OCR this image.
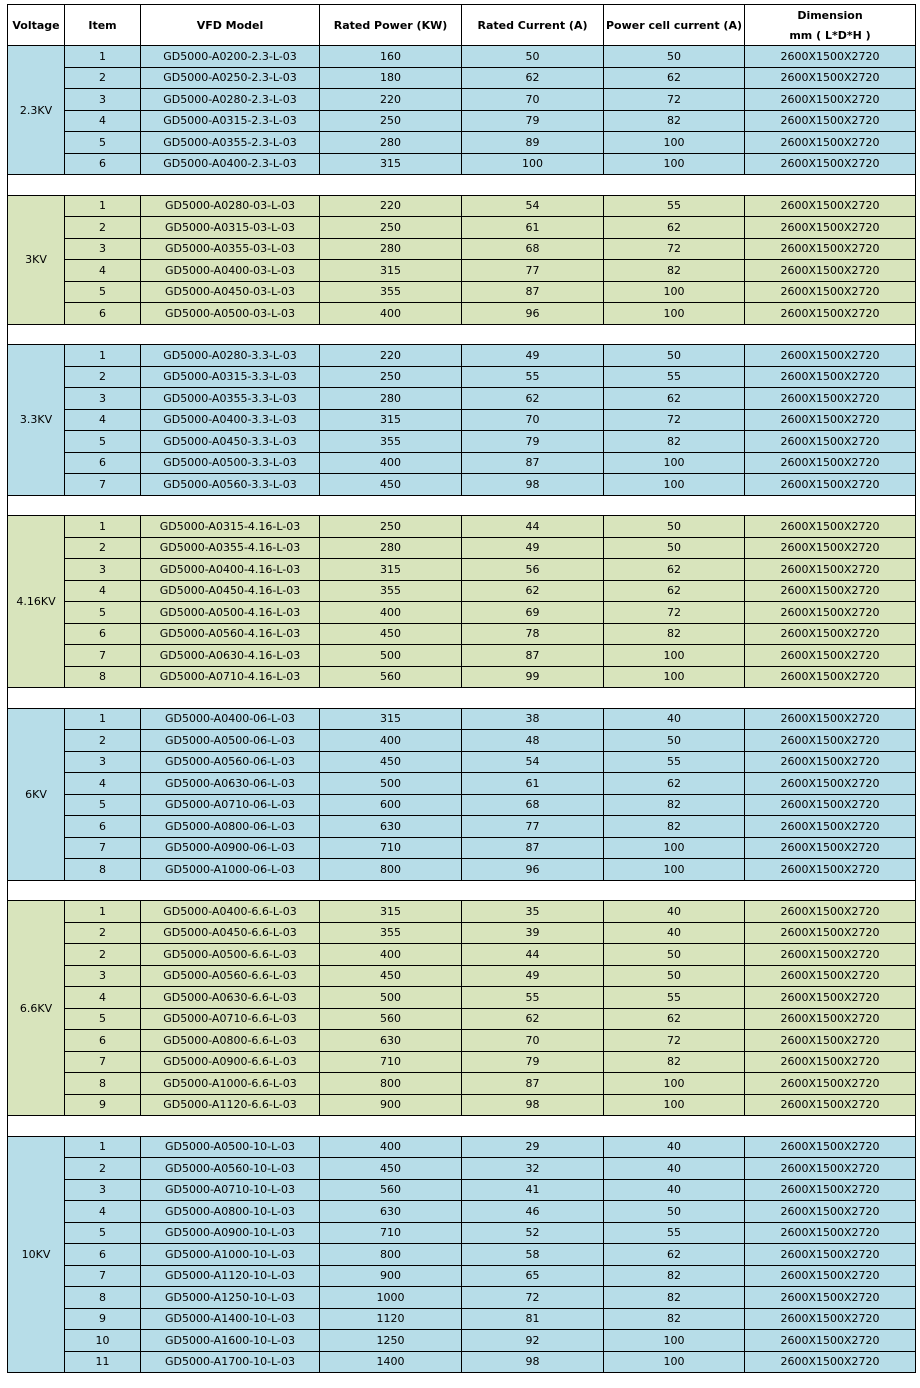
Voltage	Item	VFD Model	Rated Power (KW)	Rated Current (A)	Power cell current (A)	Dimension
mm ( L*D*H )

2.3KV	1	GD5000-A0200-2.3-L-03	160	50	50	2600X1500X2720
	2	GD5000-A0250-2.3-L-03	180	62	62	2600X1500X2720
	3	GD5000-A0280-2.3-L-03	220	70	72	2600X1500X2720
	4	GD5000-A0315-2.3-L-03	250	79	82	2600X1500X2720
	5	GD5000-A0355-2.3-L-03	280	89	100	2600X1500X2720
	6	GD5000-A0400-2.3-L-03	315	100	100	2600X1500X2720

3KV	1	GD5000-A0280-03-L-03	220	54	55	2600X1500X2720
	2	GD5000-A0315-03-L-03	250	61	62	2600X1500X2720
	3	GD5000-A0355-03-L-03	280	68	72	2600X1500X2720
	4	GD5000-A0400-03-L-03	315	77	82	2600X1500X2720
	5	GD5000-A0450-03-L-03	355	87	100	2600X1500X2720
	6	GD5000-A0500-03-L-03	400	96	100	2600X1500X2720

3.3KV	1	GD5000-A0280-3.3-L-03	220	49	50	2600X1500X2720
	2	GD5000-A0315-3.3-L-03	250	55	55	2600X1500X2720
	3	GD5000-A0355-3.3-L-03	280	62	62	2600X1500X2720
	4	GD5000-A0400-3.3-L-03	315	70	72	2600X1500X2720
	5	GD5000-A0450-3.3-L-03	355	79	82	2600X1500X2720
	6	GD5000-A0500-3.3-L-03	400	87	100	2600X1500X2720
	7	GD5000-A0560-3.3-L-03	450	98	100	2600X1500X2720

4.16KV	1	GD5000-A0315-4.16-L-03	250	44	50	2600X1500X2720
	2	GD5000-A0355-4.16-L-03	280	49	50	2600X1500X2720
	3	GD5000-A0400-4.16-L-03	315	56	62	2600X1500X2720
	4	GD5000-A0450-4.16-L-03	355	62	62	2600X1500X2720
	5	GD5000-A0500-4.16-L-03	400	69	72	2600X1500X2720
	6	GD5000-A0560-4.16-L-03	450	78	82	2600X1500X2720
	7	GD5000-A0630-4.16-L-03	500	87	100	2600X1500X2720
	8	GD5000-A0710-4.16-L-03	560	99	100	2600X1500X2720

6KV	1	GD5000-A0400-06-L-03	315	38	40	2600X1500X2720
	2	GD5000-A0500-06-L-03	400	48	50	2600X1500X2720
	3	GD5000-A0560-06-L-03	450	54	55	2600X1500X2720
	4	GD5000-A0630-06-L-03	500	61	62	2600X1500X2720
	5	GD5000-A0710-06-L-03	600	68	82	2600X1500X2720
	6	GD5000-A0800-06-L-03	630	77	82	2600X1500X2720
	7	GD5000-A0900-06-L-03	710	87	100	2600X1500X2720
	8	GD5000-A1000-06-L-03	800	96	100	2600X1500X2720

6.6KV	1	GD5000-A0400-6.6-L-03	315	35	40	2600X1500X2720
	2	GD5000-A0450-6.6-L-03	355	39	40	2600X1500X2720
	2	GD5000-A0500-6.6-L-03	400	44	50	2600X1500X2720
	3	GD5000-A0560-6.6-L-03	450	49	50	2600X1500X2720
	4	GD5000-A0630-6.6-L-03	500	55	55	2600X1500X2720
	5	GD5000-A0710-6.6-L-03	560	62	62	2600X1500X2720
	6	GD5000-A0800-6.6-L-03	630	70	72	2600X1500X2720
	7	GD5000-A0900-6.6-L-03	710	79	82	2600X1500X2720
	8	GD5000-A1000-6.6-L-03	800	87	100	2600X1500X2720
	9	GD5000-A1120-6.6-L-03	900	98	100	2600X1500X2720

10KV	1	GD5000-A0500-10-L-03	400	29	40	2600X1500X2720
	2	GD5000-A0560-10-L-03	450	32	40	2600X1500X2720
	3	GD5000-A0710-10-L-03	560	41	40	2600X1500X2720
	4	GD5000-A0800-10-L-03	630	46	50	2600X1500X2720
	5	GD5000-A0900-10-L-03	710	52	55	2600X1500X2720
	6	GD5000-A1000-10-L-03	800	58	62	2600X1500X2720
	7	GD5000-A1120-10-L-03	900	65	82	2600X1500X2720
	8	GD5000-A1250-10-L-03	1000	72	82	2600X1500X2720
	9	GD5000-A1400-10-L-03	1120	81	82	2600X1500X2720
	10	GD5000-A1600-10-L-03	1250	92	100	2600X1500X2720
	11	GD5000-A1700-10-L-03	1400	98	100	2600X1500X2720
